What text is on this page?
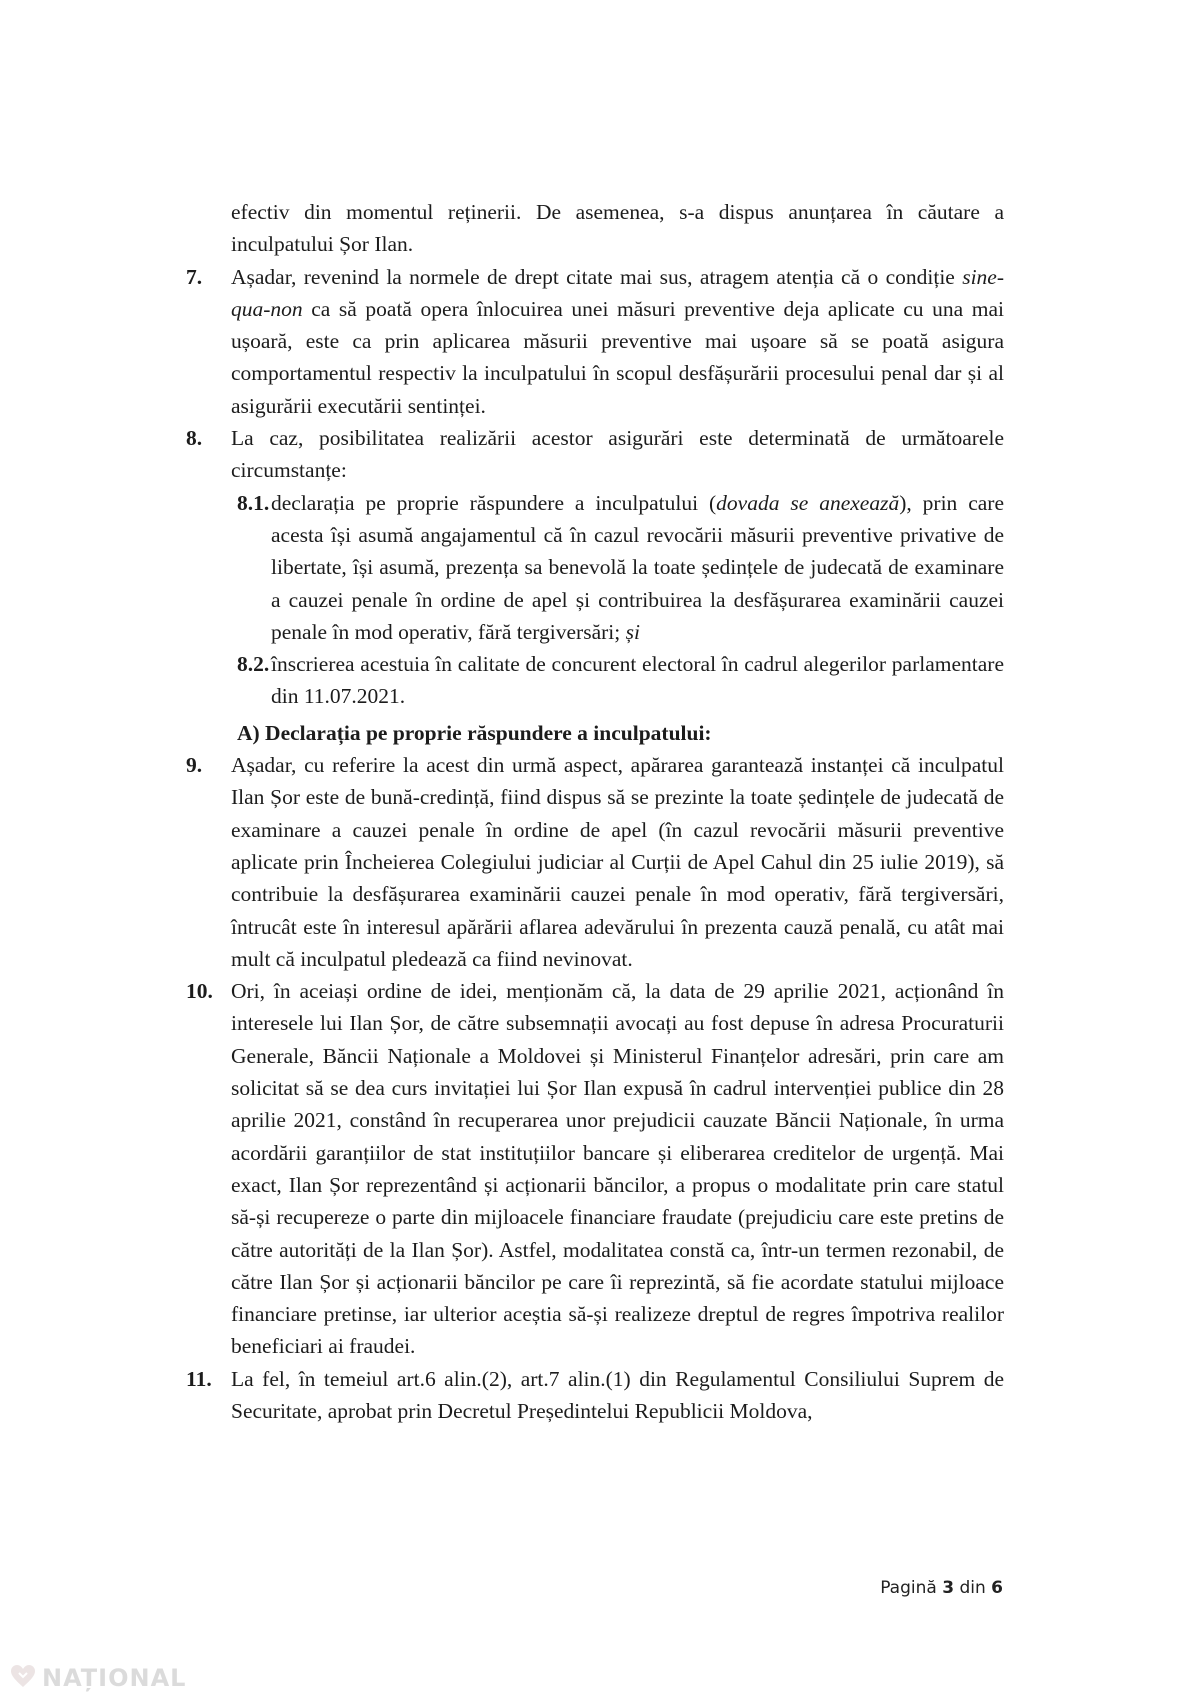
efectiv din momentul reținerii. De asemenea, s-a dispus anunțarea în căutare a inculpatului Șor Ilan.
7. Așadar, revenind la normele de drept citate mai sus, atragem atenția că o condiție sine-qua-non ca să poată opera înlocuirea unei măsuri preventive deja aplicate cu una mai ușoară, este ca prin aplicarea măsurii preventive mai ușoare să se poată asigura comportamentul respectiv la inculpatului în scopul desfășurării procesului penal dar și al asigurării executării sentinței.
8. La caz, posibilitatea realizării acestor asigurări este determinată de următoarele circumstanțe:
8.1. declarația pe proprie răspundere a inculpatului (dovada se anexează), prin care acesta își asumă angajamentul că în cazul revocării măsurii preventive privative de libertate, își asumă, prezența sa benevolă la toate ședințele de judecată de examinare a cauzei penale în ordine de apel și contribuirea la desfășurarea examinării cauzei penale în mod operativ, fără tergiversări; și
8.2. înscrierea acestuia în calitate de concurent electoral în cadrul alegerilor parlamentare din 11.07.2021.
A) Declarația pe proprie răspundere a inculpatului:
9. Așadar, cu referire la acest din urmă aspect, apărarea garantează instanței că inculpatul Ilan Șor este de bună-credință, fiind dispus să se prezinte la toate ședințele de judecată de examinare a cauzei penale în ordine de apel (în cazul revocării măsurii preventive aplicate prin Încheierea Colegiului judiciar al Curții de Apel Cahul din 25 iulie 2019), să contribuie la desfășurarea examinării cauzei penale în mod operativ, fără tergiversări, întrucât este în interesul apărării aflarea adevărului în prezenta cauză penală, cu atât mai mult că inculpatul pledează ca fiind nevinovat.
10. Ori, în aceiași ordine de idei, menționăm că, la data de 29 aprilie 2021, acționând în interesele lui Ilan Șor, de către subsemnații avocați au fost depuse în adresa Procuraturii Generale, Băncii Naționale a Moldovei și Ministerul Finanțelor adresări, prin care am solicitat să se dea curs invitației lui Șor Ilan expusă în cadrul intervenției publice din 28 aprilie 2021, constând în recuperarea unor prejudicii cauzate Băncii Naționale, în urma acordării garanțiilor de stat instituțiilor bancare și eliberarea creditelor de urgență. Mai exact, Ilan Șor reprezentând și acționarii băncilor, a propus o modalitate prin care statul să-și recupereze o parte din mijloacele financiare fraudate (prejudiciu care este pretins de către autorități de la Ilan Șor). Astfel, modalitatea constă ca, într-un termen rezonabil, de către Ilan Șor și acționarii băncilor pe care îi reprezintă, să fie acordate statului mijloace financiare pretinse, iar ulterior aceștia să-și realizeze dreptul de regres împotriva realilor beneficiari ai fraudei.
11. La fel, în temeiul art.6 alin.(2), art.7 alin.(1) din Regulamentul Consiliului Suprem de Securitate, aprobat prin Decretul Președintelui Republicii Moldova,
Pagină 3 din 6
NAȚIONAL
